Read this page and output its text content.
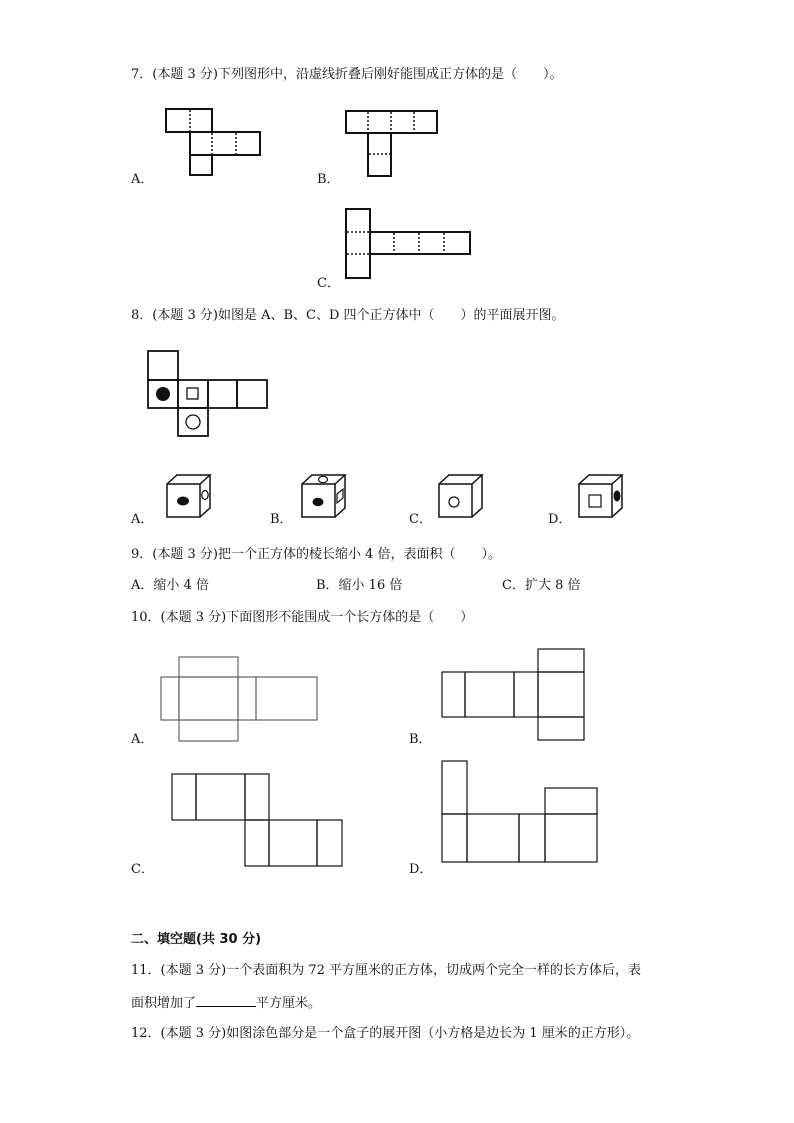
7．(本题 3 分)下列图形中，沿虚线折叠后刚好能围成正方体的是（　　）。
A．	B．
C．
8．(本题 3 分)如图是 A、B、C、D 四个正方体中（　　）的平面展开图。
A．	B．	C．	D．
9．(本题 3 分)把一个正方体的棱长缩小 4 倍，表面积（　　）。
A．缩小 4 倍	B．缩小 16 倍	C．扩大 8 倍
10．(本题 3 分)下面图形不能围成一个长方体的是（　　）
A．	B．
C．	D．
二、填空题(共 30 分)
11．(本题 3 分)一个表面积为 72 平方厘米的正方体，切成两个完全一样的长方体后，表
面积增加了	平方厘米。
12．(本题 3 分)如图涂色部分是一个盒子的展开图（小方格是边长为 1 厘米的正方形）。
